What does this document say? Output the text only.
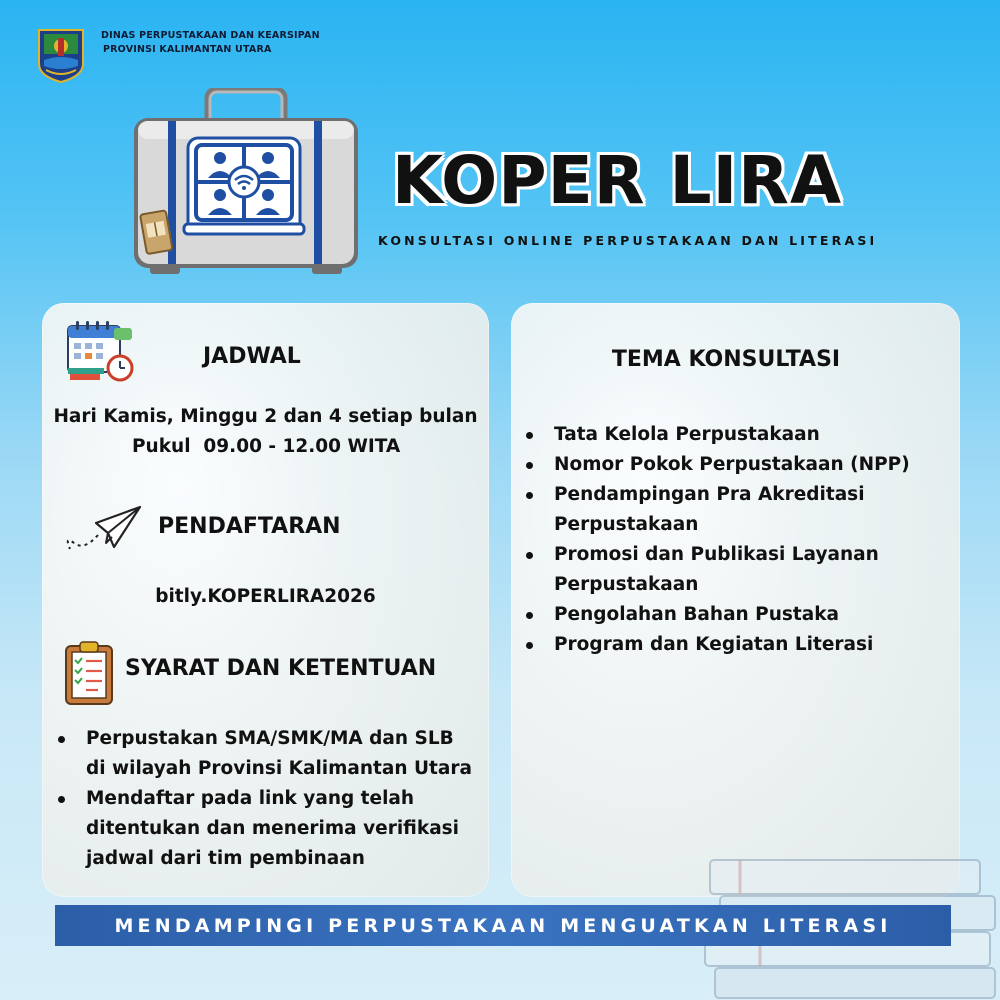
DINAS PERPUSTAKAAN DAN KEARSIPAN
PROVINSI KALIMANTAN UTARA
KOPER LIRA
KONSULTASI ONLINE PERPUSTAKAAN DAN LITERASI
JADWAL
Hari Kamis, Minggu 2 dan 4 setiap bulan
Pukul  09.00 - 12.00 WITA
PENDAFTARAN
bitly.KOPERLIRA2026
SYARAT DAN KETENTUAN
Perpustakan SMA/SMK/MA dan SLB
di wilayah Provinsi Kalimantan Utara
Mendaftar pada link yang telah
ditentukan dan menerima verifikasi
jadwal dari tim pembinaan
TEMA KONSULTASI
Tata Kelola Perpustakaan
Nomor Pokok Perpustakaan (NPP)
Pendampingan Pra Akreditasi
Perpustakaan
Promosi dan Publikasi Layanan
Perpustakaan
Pengolahan Bahan Pustaka
Program dan Kegiatan Literasi
MENDAMPINGI PERPUSTAKAAN MENGUATKAN LITERASI
